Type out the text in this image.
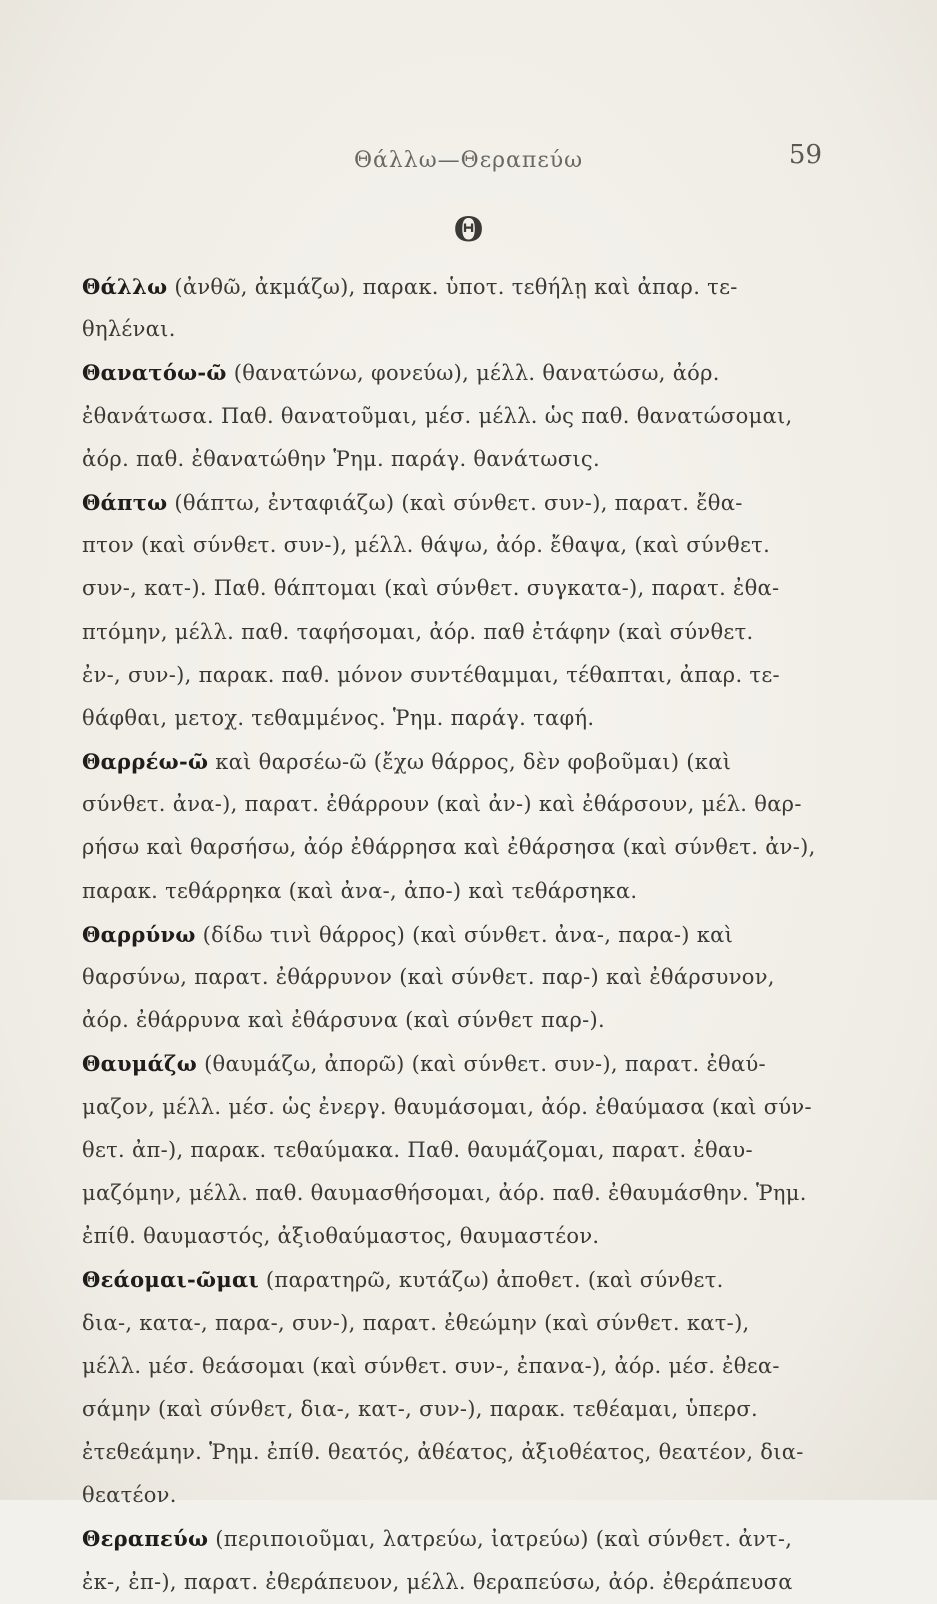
Θάλλω—Θεραπεύω	59
Θ
Θάλλω (ἀνθῶ, ἀκμάζω), παρακ. ὑποτ. τεθήλῃ καὶ ἀπαρ. τε-
θηλέναι.
Θανατόω-ῶ (θανατώνω, φονεύω), μέλλ. θανατώσω, ἀόρ.
ἐθανάτωσα. Παθ. θανατοῦμαι, μέσ. μέλλ. ὡς παθ. θανατώσομαι,
ἀόρ. παθ. ἐθανατώθην Ῥημ. παράγ. θανάτωσις.
Θάπτω (θάπτω, ἐνταφιάζω) (καὶ σύνθετ. συν-), παρατ. ἔθα-
πτον (καὶ σύνθετ. συν-), μέλλ. θάψω, ἀόρ. ἔθαψα, (καὶ σύνθετ.
συν-, κατ-). Παθ. θάπτομαι (καὶ σύνθετ. συγκατα-), παρατ. ἐθα-
πτόμην, μέλλ. παθ. ταφήσομαι, ἀόρ. παθ ἐτάφην (καὶ σύνθετ.
ἐν-, συν-), παρακ. παθ. μόνον συντέθαμμαι, τέθαπται, ἀπαρ. τε-
θάφθαι, μετοχ. τεθαμμένος. Ῥημ. παράγ. ταφή.
Θαρρέω-ῶ καὶ θαρσέω-ῶ (ἔχω θάρρος, δὲν φοβοῦμαι) (καὶ
σύνθετ. ἀνα-), παρατ. ἐθάρρουν (καὶ ἀν-) καὶ ἐθάρσουν, μέλ. θαρ-
ρήσω καὶ θαρσήσω, ἀόρ ἐθάρρησα καὶ ἐθάρσησα (καὶ σύνθετ. ἀν-),
παρακ. τεθάρρηκα (καὶ ἀνα-, ἀπο-) καὶ τεθάρσηκα.
Θαρρύνω (δίδω τινὶ θάρρος) (καὶ σύνθετ. ἀνα-, παρα-) καὶ
θαρσύνω, παρατ. ἐθάρρυνον (καὶ σύνθετ. παρ-) καὶ ἐθάρσυνον,
ἀόρ. ἐθάρρυνα καὶ ἐθάρσυνα (καὶ σύνθετ παρ-).
Θαυμάζω (θαυμάζω, ἀπορῶ) (καὶ σύνθετ. συν-), παρατ. ἐθαύ-
μαζον, μέλλ. μέσ. ὡς ἐνεργ. θαυμάσομαι, ἀόρ. ἐθαύμασα (καὶ σύν-
θετ. ἀπ-), παρακ. τεθαύμακα. Παθ. θαυμάζομαι, παρατ. ἐθαυ-
μαζόμην, μέλλ. παθ. θαυμασθήσομαι, ἀόρ. παθ. ἐθαυμάσθην. Ῥημ.
ἐπίθ. θαυμαστός, ἀξιοθαύμαστος, θαυμαστέον.
Θεάομαι-ῶμαι (παρατηρῶ, κυτάζω) ἀποθετ. (καὶ σύνθετ.
δια-, κατα-, παρα-, συν-), παρατ. ἐθεώμην (καὶ σύνθετ. κατ-),
μέλλ. μέσ. θεάσομαι (καὶ σύνθετ. συν-, ἐπανα-), ἀόρ. μέσ. ἐθεα-
σάμην (καὶ σύνθετ, δια-, κατ-, συν-), παρακ. τεθέαμαι, ὑπερσ.
ἐτεθεάμην. Ῥημ. ἐπίθ. θεατός, ἀθέατος, ἀξιοθέατος, θεατέον, δια-
θεατέον.
Θεραπεύω (περιποιοῦμαι, λατρεύω, ἰατρεύω) (καὶ σύνθετ. ἀντ-,
ἐκ-, ἐπ-), παρατ. ἐθεράπευον, μέλλ. θεραπεύσω, ἀόρ. ἐθεράπευσα
